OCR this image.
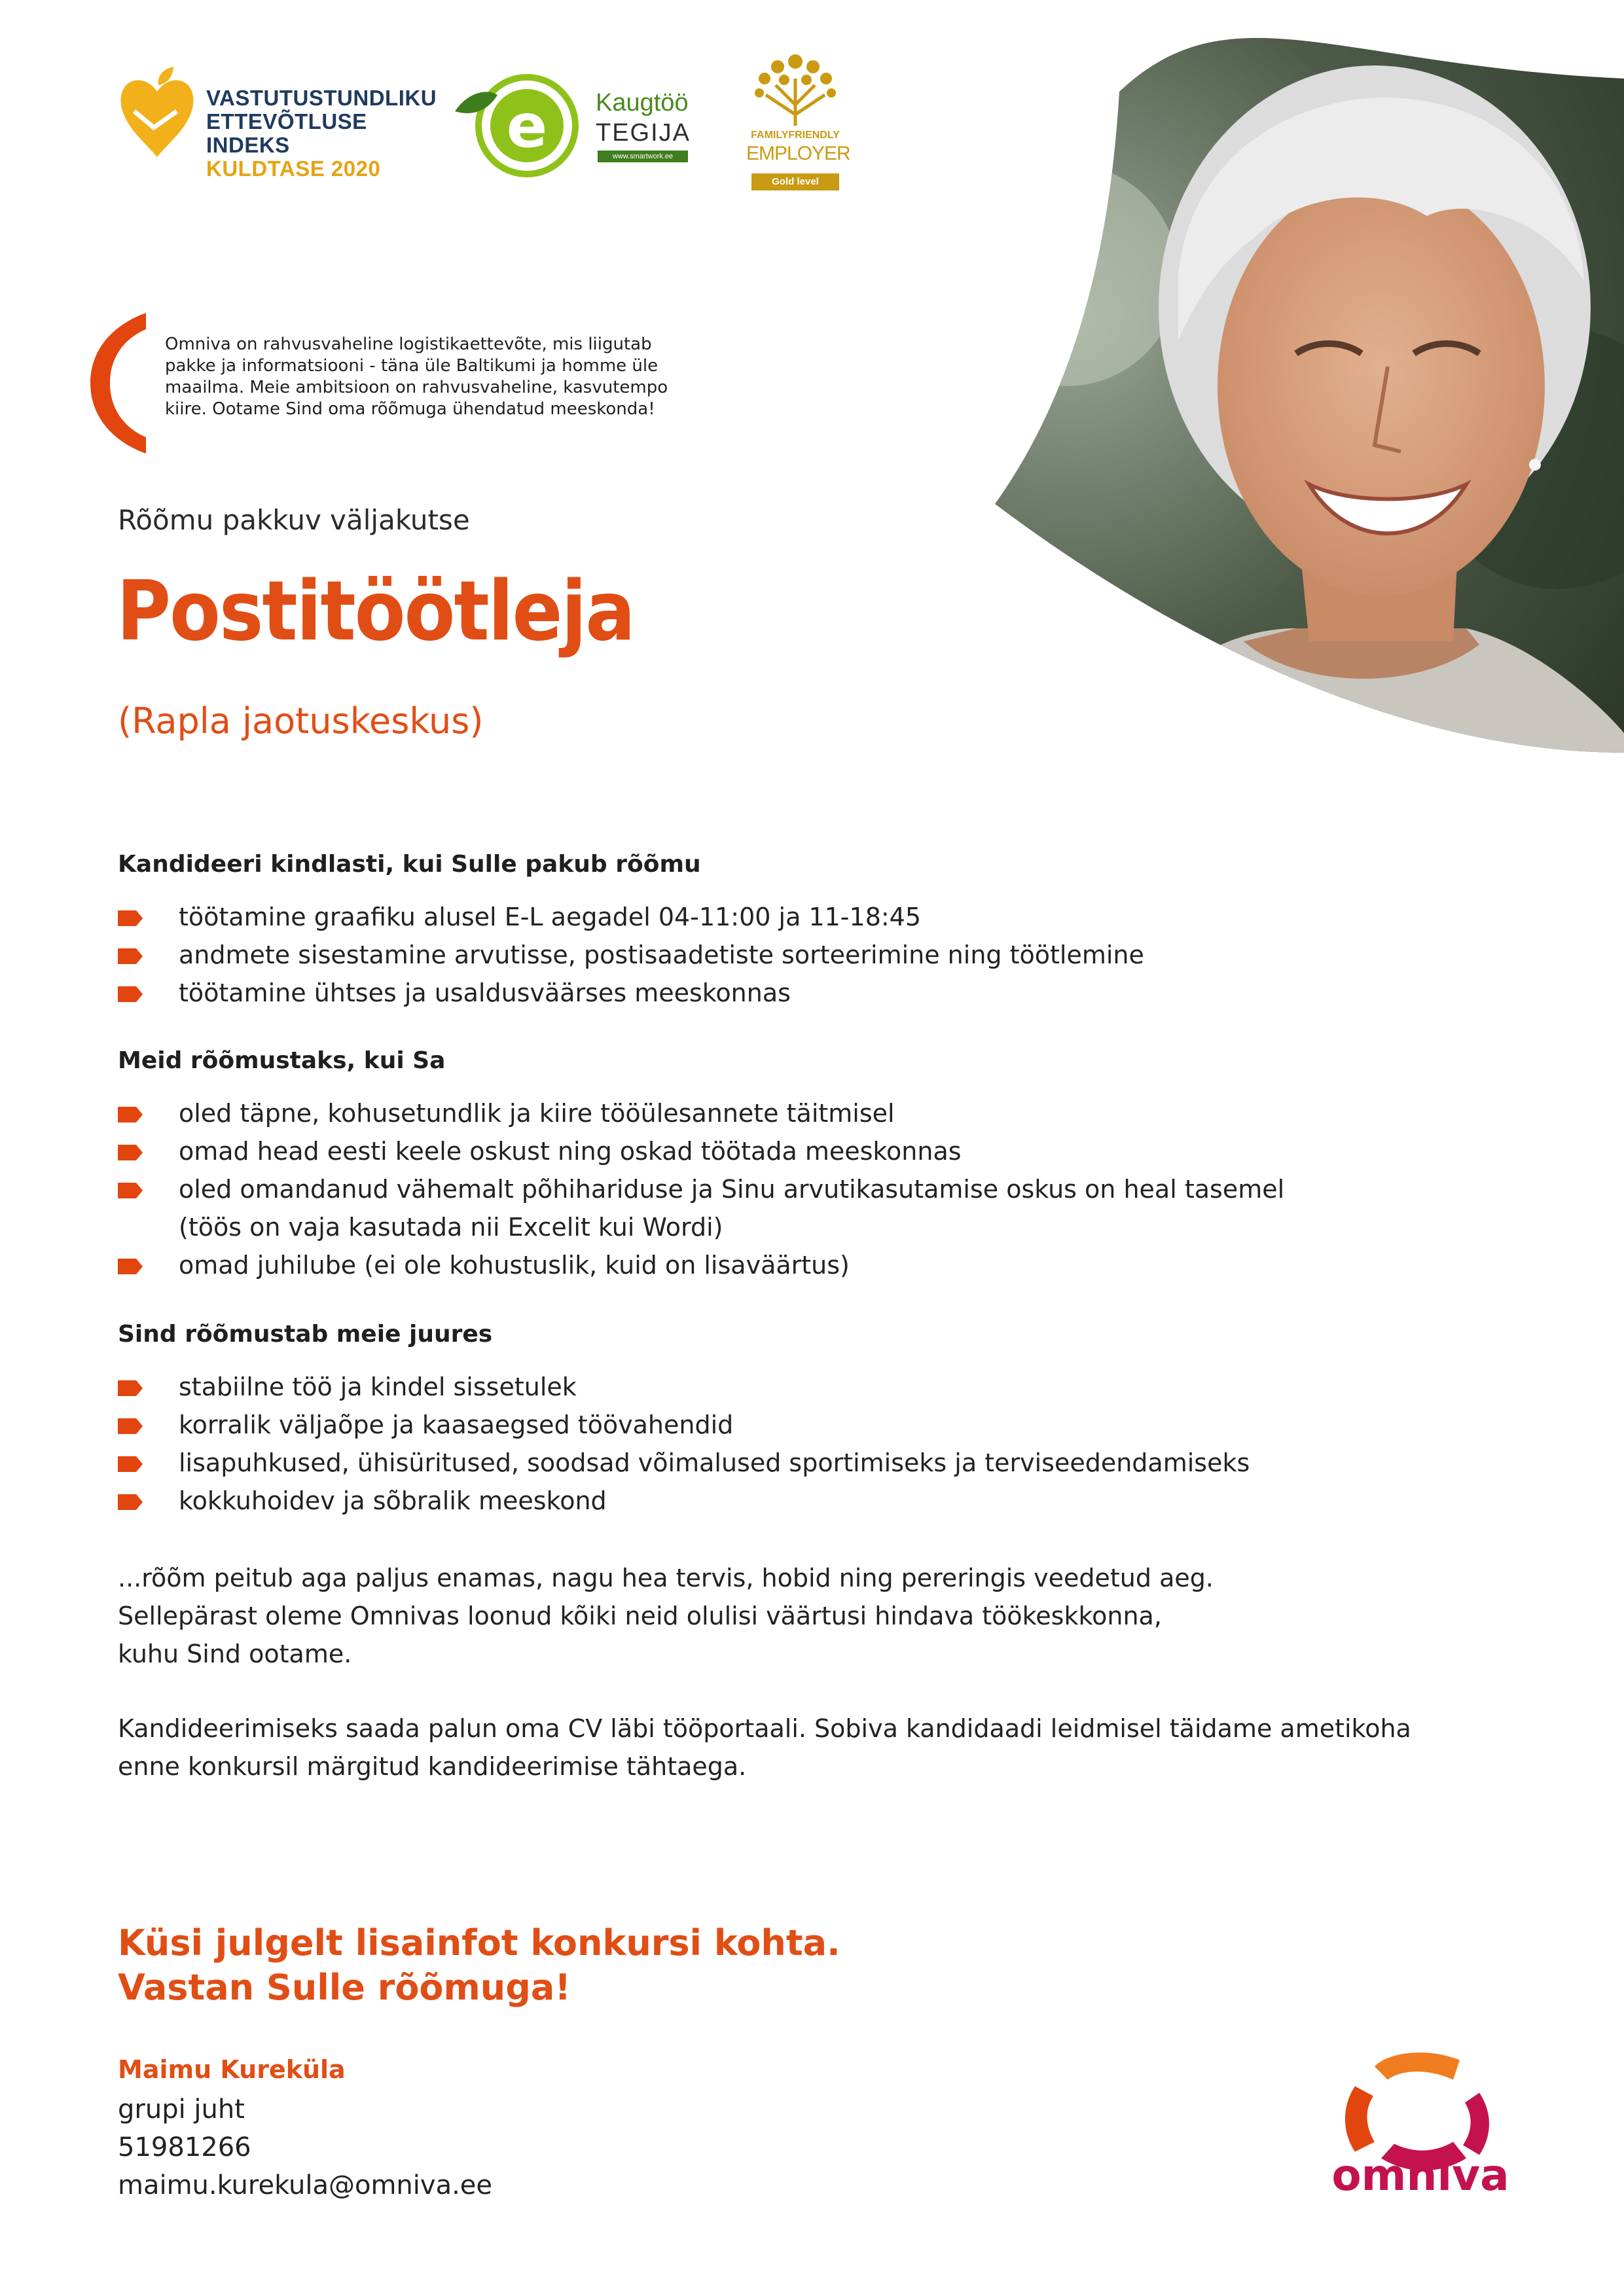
VASTUTUSTUNDLIKU
ETTEVÕTLUSE INDEKS
KULDTASE 2020
e Kaugtöö
TEGIJA
www.smartwork.ee
FAMILYFRIENDLY
EMPLOYER
Gold level
Omniva on rahvusvaheline logistikaettevõte, mis liigutab
pakke ja informatsiooni - täna üle Baltikumi ja homme üle
maailma. Meie ambitsioon on rahvusvaheline, kasvutempo
kiire. Ootame Sind oma rõõmuga ühendatud meeskonda!
Rõõmu pakkuv väljakutse
Postitöötleja
(Rapla jaotuskeskus)
Kandideeri kindlasti, kui Sulle pakub rõõmu
töötamine graafiku alusel E-L aegadel 04-11:00 ja 11-18:45
andmete sisestamine arvutisse, postisaadetiste sorteerimine ning töötlemine
töötamine ühtses ja usaldusväärses meeskonnas
Meid rõõmustaks, kui Sa
oled täpne, kohusetundlik ja kiire tööülesannete täitmisel
omad head eesti keele oskust ning oskad töötada meeskonnas
oled omandanud vähemalt põhihariduse ja Sinu arvutikasutamise oskus on heal tasemel
(töös on vaja kasutada nii Excelit kui Wordi)
omad juhilube (ei ole kohustuslik, kuid on lisaväärtus)
Sind rõõmustab meie juures
stabiilne töö ja kindel sissetulek
korralik väljaõpe ja kaasaegsed töövahendid
lisapuhkused, ühisüritused, soodsad võimalused sportimiseks ja terviseedendamiseks
kokkuhoidev ja sõbralik meeskond
...rõõm peitub aga paljus enamas, nagu hea tervis, hobid ning pereringis veedetud aeg.
Sellepärast oleme Omnivas loonud kõiki neid olulisi väärtusi hindava töökeskkonna,
kuhu Sind ootame.
Kandideerimiseks saada palun oma CV läbi tööportaali. Sobiva kandidaadi leidmisel täidame ametikoha
enne konkursil märgitud kandideerimise tähtaega.
Küsi julgelt lisainfot konkursi kohta.
Vastan Sulle rõõmuga!
Maimu Kureküla
grupi juht
51981266
maimu.kurekula@omniva.ee	omniva
